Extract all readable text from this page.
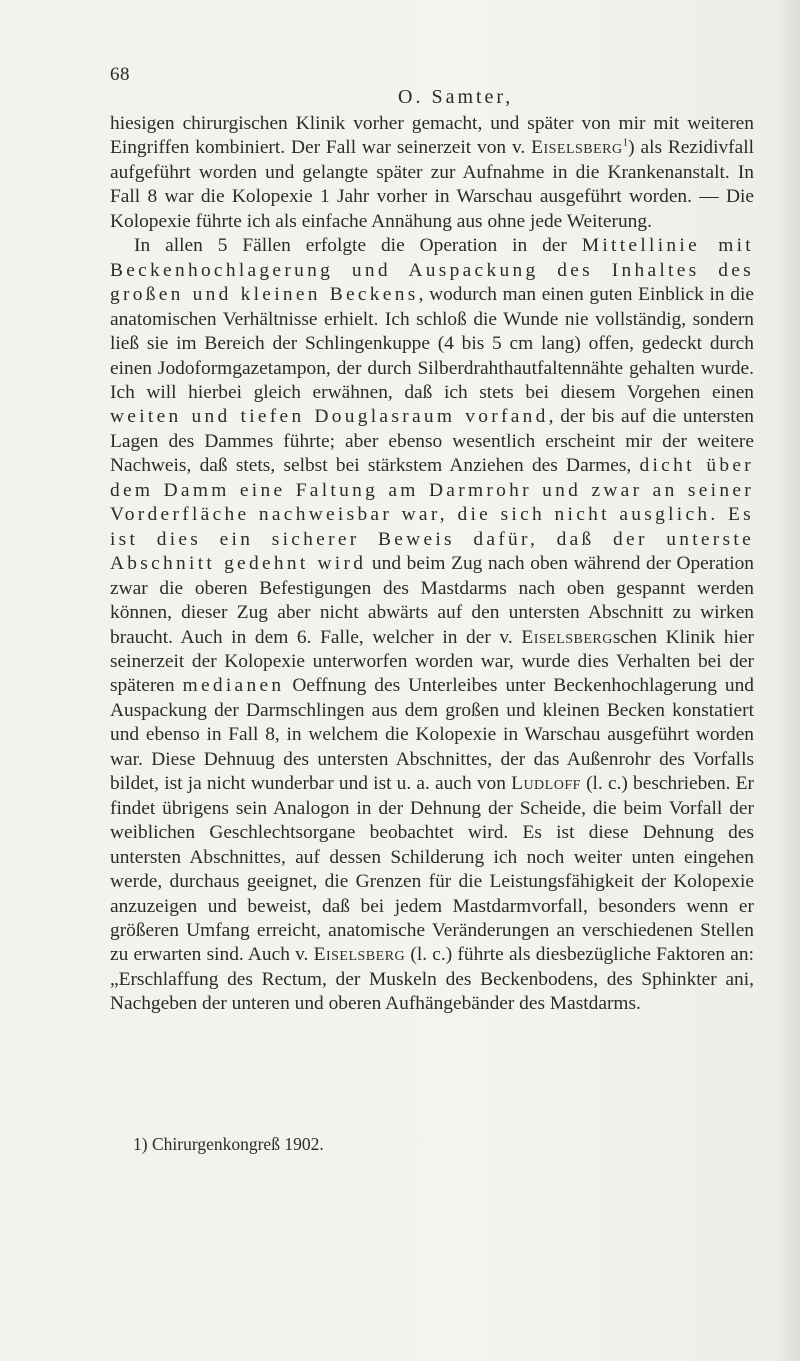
68
O. Samter,

hiesigen chirurgischen Klinik vorher gemacht, und später von mir mit weiteren Eingriffen kombiniert. Der Fall war seinerzeit von v. Eiselsberg$^1$) als Rezidivfall aufgeführt worden und gelangte später zur Aufnahme in die Krankenanstalt. In Fall 8 war die Kolopexie 1 Jahr vorher in Warschau ausgeführt worden. — Die Kolopexie führte ich als einfache Annähung aus ohne jede Weiterung.

In allen 5 Fällen erfolgte die Operation in der Mittellinie mit Beckenhochlagerung und Auspackung des Inhaltes des großen und kleinen Beckens, wodurch man einen guten Einblick in die anatomischen Verhältnisse erhielt. Ich schloß die Wunde nie vollständig, sondern ließ sie im Bereich der Schlingenkuppe (4 bis 5 cm lang) offen, gedeckt durch einen Jodoformgazetampon, der durch Silberdrahthautfaltennähte gehalten wurde. Ich will hierbei gleich erwähnen, daß ich stets bei diesem Vorgehen einen weiten und tiefen Douglasraum vorfand, der bis auf die untersten Lagen des Dammes führte; aber ebenso wesentlich erscheint mir der weitere Nachweis, daß stets, selbst bei stärkstem Anziehen des Darmes, dicht über dem Damm eine Faltung am Darmrohr und zwar an seiner Vorderfläche nachweisbar war, die sich nicht ausglich. Es ist dies ein sicherer Beweis dafür, daß der unterste Abschnitt gedehnt wird und beim Zug nach oben während der Operation zwar die oberen Befestigungen des Mastdarms nach oben gespannt werden können, dieser Zug aber nicht abwärts auf den untersten Abschnitt zu wirken braucht. Auch in dem 6. Falle, welcher in der v. Eiselsbergschen Klinik hier seinerzeit der Kolopexie unterworfen worden war, wurde dies Verhalten bei der späteren medianen Oeffnung des Unterleibes unter Beckenhochlagerung und Auspackung der Darmschlingen aus dem großen und kleinen Becken konstatiert und ebenso in Fall 8, in welchem die Kolopexie in Warschau ausgeführt worden war. Diese Dehnuug des untersten Abschnittes, der das Außenrohr des Vorfalls bildet, ist ja nicht wunderbar und ist u. a. auch von Ludloff (l. c.) beschrieben. Er findet übrigens sein Analogon in der Dehnung der Scheide, die beim Vorfall der weiblichen Geschlechtsorgane beobachtet wird. Es ist diese Dehnung des untersten Abschnittes, auf dessen Schilderung ich noch weiter unten eingehen werde, durchaus geeignet, die Grenzen für die Leistungsfähigkeit der Kolopexie anzuzeigen und beweist, daß bei jedem Mastdarmvorfall, besonders wenn er größeren Umfang erreicht, anatomische Veränderungen an verschiedenen Stellen zu erwarten sind. Auch v. Eiselsberg (l. c.) führte als diesbezügliche Faktoren an: „Erschlaffung des Rectum, der Muskeln des Beckenbodens, des Sphinkter ani, Nachgeben der unteren und oberen Aufhängebänder des Mastdarms.

1) Chirurgenkongreß 1902.
